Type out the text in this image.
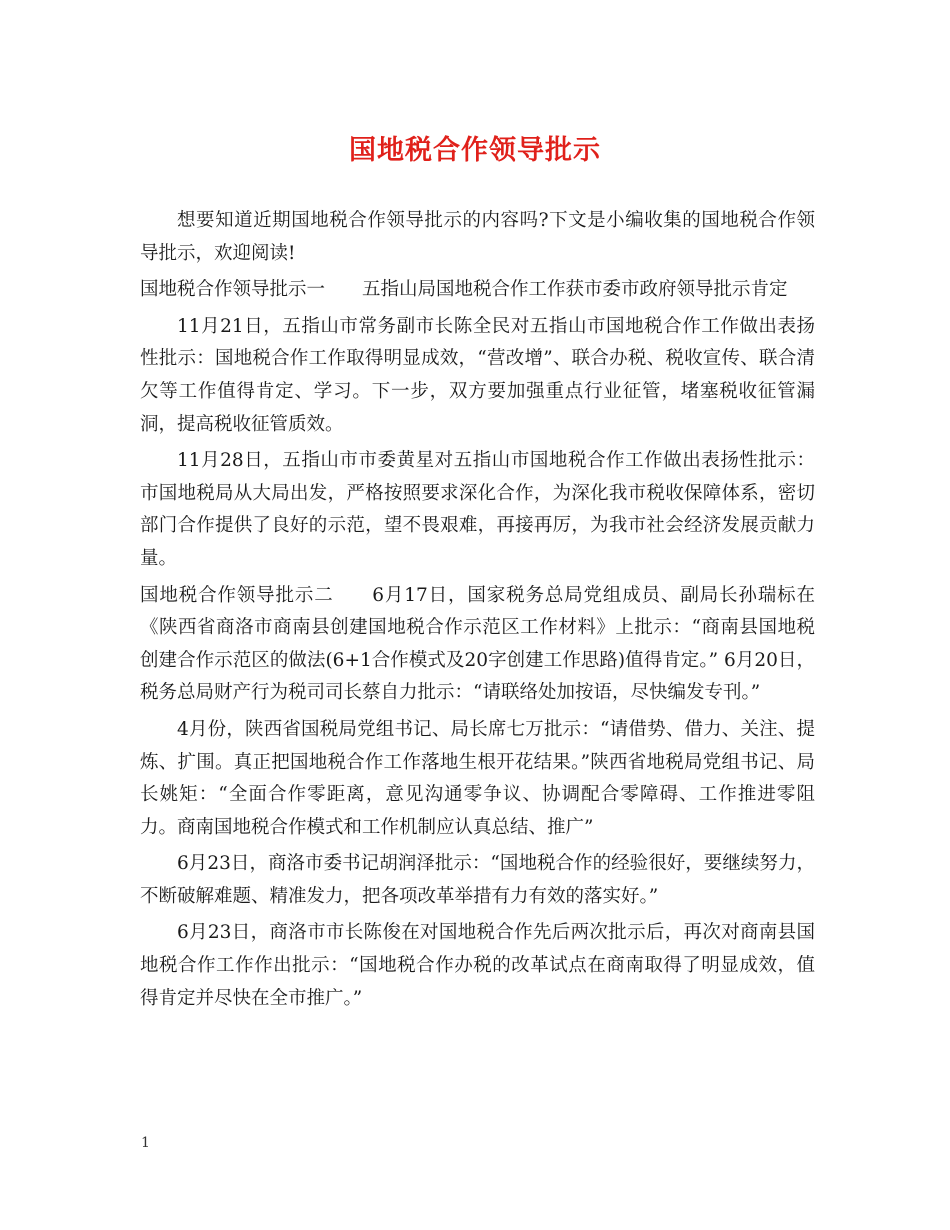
国地税合作领导批示

想要知道近期国地税合作领导批示的内容吗?下文是小编收集的国地税合作领导批示，欢迎阅读!

国地税合作领导批示一　　五指山局国地税合作工作获市委市政府领导批示肯定

11月21日，五指山市常务副市长陈全民对五指山市国地税合作工作做出表扬性批示：国地税合作工作取得明显成效，“营改增”、联合办税、税收宣传、联合清欠等工作值得肯定、学习。下一步，双方要加强重点行业征管，堵塞税收征管漏洞，提高税收征管质效。

11月28日，五指山市市委黄星对五指山市国地税合作工作做出表扬性批示：市国地税局从大局出发，严格按照要求深化合作，为深化我市税收保障体系，密切部门合作提供了良好的示范，望不畏艰难，再接再厉，为我市社会经济发展贡献力量。

国地税合作领导批示二　　6月17日，国家税务总局党组成员、副局长孙瑞标在《陕西省商洛市商南县创建国地税合作示范区工作材料》上批示：“商南县国地税创建合作示范区的做法(6+1合作模式及20字创建工作思路)值得肯定。” 6月20日，税务总局财产行为税司司长蔡自力批示：“请联络处加按语，尽快编发专刊。”

4月份，陕西省国税局党组书记、局长席七万批示：“请借势、借力、关注、提炼、扩围。真正把国地税合作工作落地生根开花结果。”陕西省地税局党组书记、局长姚矩：“全面合作零距离，意见沟通零争议、协调配合零障碍、工作推进零阻力。商南国地税合作模式和工作机制应认真总结、推广”

6月23日，商洛市委书记胡润泽批示：“国地税合作的经验很好，要继续努力，不断破解难题、精准发力，把各项改革举措有力有效的落实好。”

6月23日，商洛市市长陈俊在对国地税合作先后两次批示后，再次对商南县国地税合作工作作出批示：“国地税合作办税的改革试点在商南取得了明显成效，值得肯定并尽快在全市推广。”

1
